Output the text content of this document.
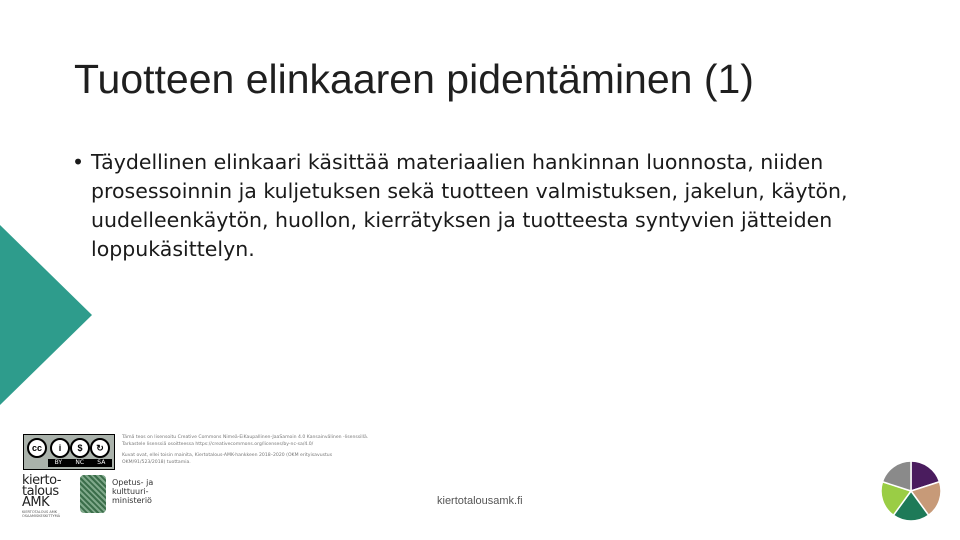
Tuotteen elinkaaren pidentäminen (1)
• Täydellinen elinkaari käsittää materiaalien hankinnan luonnosta, niiden prosessoinnin ja kuljetuksen sekä tuotteen valmistuksen, jakelun, käytön, uudelleenkäytön, huollon, kierrätyksen ja tuotteesta syntyvien jätteiden loppukäsittelyn.
cc	i	$	↻
BY NC SA

Tämä teos on lisensoitu Creative Commons Nimeä-EiKaupallinen-JaaSamoin 4.0 Kansainvälinen -lisenssillä. Tarkastele lisenssiä osoitteessa https://creativecommons.org/licenses/by-nc-sa/4.0/

Kuvat ovat, ellei toisin mainita, Kiertotalous-AMK-hankkeen 2018–2020 (OKM erityisavustus OKM/91/523/2018) tuottamia.

kierto-
talous
AMK
KIERTOTALOUS AMK OSAAMISKESKITTYMÄ
Opetus- ja kulttuuri- ministeriö	kiertotalousamk.fi
